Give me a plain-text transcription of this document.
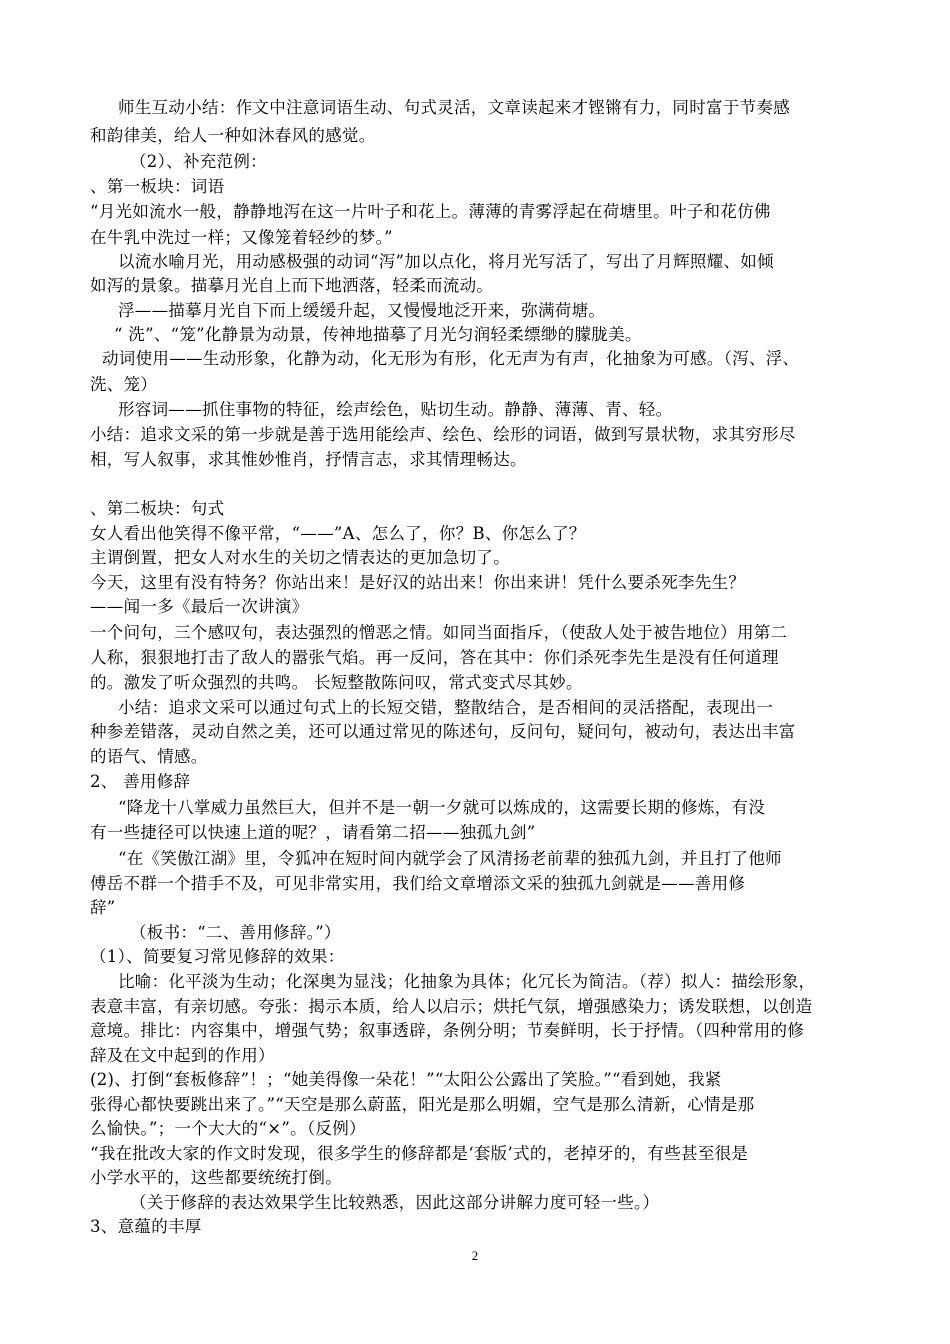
师生互动小结：作文中注意词语生动、句式灵活，文章读起来才铿锵有力，同时富于节奏感
和韵律美，给人一种如沐春风的感觉。
（2）、补充范例：
、第一板块：词语
“月光如流水一般，静静地泻在这一片叶子和花上。薄薄的青雾浮起在荷塘里。叶子和花仿佛
在牛乳中洗过一样；又像笼着轻纱的梦。”
以流水喻月光，用动感极强的动词“泻”加以点化，将月光写活了，写出了月辉照耀、如倾
如泻的景象。描摹月光自上而下地洒落，轻柔而流动。
浮——描摹月光自下而上缓缓升起，又慢慢地泛开来，弥满荷塘。
“ 洗”、“笼”化静景为动景，传神地描摹了月光匀润轻柔缥缈的朦胧美。
动词使用——生动形象，化静为动，化无形为有形，化无声为有声，化抽象为可感。（泻、浮、
洗、笼）
形容词——抓住事物的特征，绘声绘色，贴切生动。静静、薄薄、青、轻。
小结：追求文采的第一步就是善于选用能绘声、绘色、绘形的词语，做到写景状物，求其穷形尽
相，写人叙事，求其惟妙惟肖，抒情言志，求其情理畅达。
、第二板块：句式
女人看出他笑得不像平常，“——”A、怎么了，你？B、你怎么了？
主谓倒置，把女人对水生的关切之情表达的更加急切了。
今天，这里有没有特务？你站出来！是好汉的站出来！你出来讲！凭什么要杀死李先生？
——闻一多《最后一次讲演》
一个问句，三个感叹句，表达强烈的憎恶之情。如同当面指斥，（使敌人处于被告地位）用第二
人称，狠狠地打击了敌人的嚣张气焰。再一反问，答在其中：你们杀死李先生是没有任何道理
的。激发了听众强烈的共鸣。 长短整散陈问叹，常式变式尽其妙。
小结：追求文采可以通过句式上的长短交错，整散结合，是否相间的灵活搭配，表现出一
种参差错落，灵动自然之美，还可以通过常见的陈述句，反问句，疑问句，被动句，表达出丰富
的语气、情感。
2、 善用修辞
“降龙十八掌威力虽然巨大，但并不是一朝一夕就可以炼成的，这需要长期的修炼，有没
有一些捷径可以快速上道的呢？，请看第二招——独孤九剑”
“在《笑傲江湖》里，令狐冲在短时间内就学会了风清扬老前辈的独孤九剑，并且打了他师
傅岳不群一个措手不及，可见非常实用，我们给文章增添文采的独孤九剑就是——善用修
辞”
（板书：“二、善用修辞。”）
（1）、简要复习常见修辞的效果：
比喻：化平淡为生动；化深奥为显浅；化抽象为具体；化冗长为简洁。（荐）拟人：描绘形象，
表意丰富，有亲切感。夸张：揭示本质，给人以启示；烘托气氛，增强感染力；诱发联想，以创造
意境。排比：内容集中，增强气势；叙事透辟，条例分明；节奏鲜明，长于抒情。（四种常用的修
辞及在文中起到的作用）
(2)、打倒“套板修辞”！；“她美得像一朵花！”“太阳公公露出了笑脸。”“看到她，我紧
张得心都快要跳出来了。”“天空是那么蔚蓝，阳光是那么明媚，空气是那么清新，心情是那
么愉快。”；一个大大的“×”。（反例）
“我在批改大家的作文时发现，很多学生的修辞都是‘套版’式的，老掉牙的，有些甚至很是
小学水平的，这些都要统统打倒。
（关于修辞的表达效果学生比较熟悉，因此这部分讲解力度可轻一些。）
3、意蕴的丰厚
2
